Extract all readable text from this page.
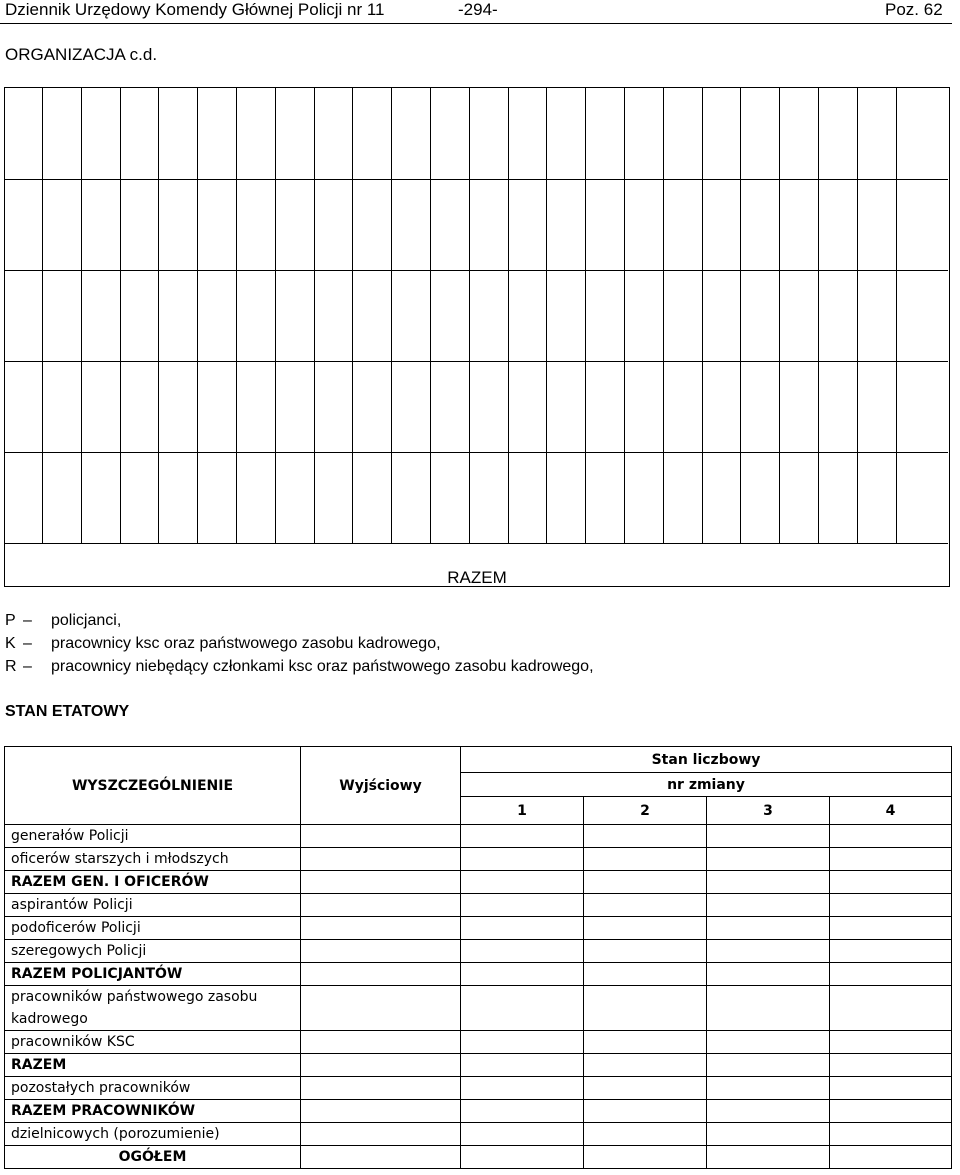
Dziennik Urzędowy Komendy Głównej Policji nr 11	-294-	Poz. 62
ORGANIZACJA c.d.
RAZEM
P – policjanci,
K – pracownicy ksc oraz państwowego zasobu kadrowego,
R – pracownicy niebędący członkami ksc oraz państwowego zasobu kadrowego,
STAN ETATOWY
WYSZCZEGÓLNIENIE	Wyjściowy	Stan liczbowy			
		nr zmiany			
		1	2	3	4
generałów Policji					
oficerów starszych i młodszych					
RAZEM GEN. I OFICERÓW					
aspirantów Policji					
podoficerów Policji					
szeregowych Policji					
RAZEM POLICJANTÓW					
pracowników państwowego zasobu kadrowego					
pracowników KSC					
RAZEM					
pozostałych pracowników					
RAZEM PRACOWNIKÓW					
dzielnicowych (porozumienie)					
OGÓŁEM					
